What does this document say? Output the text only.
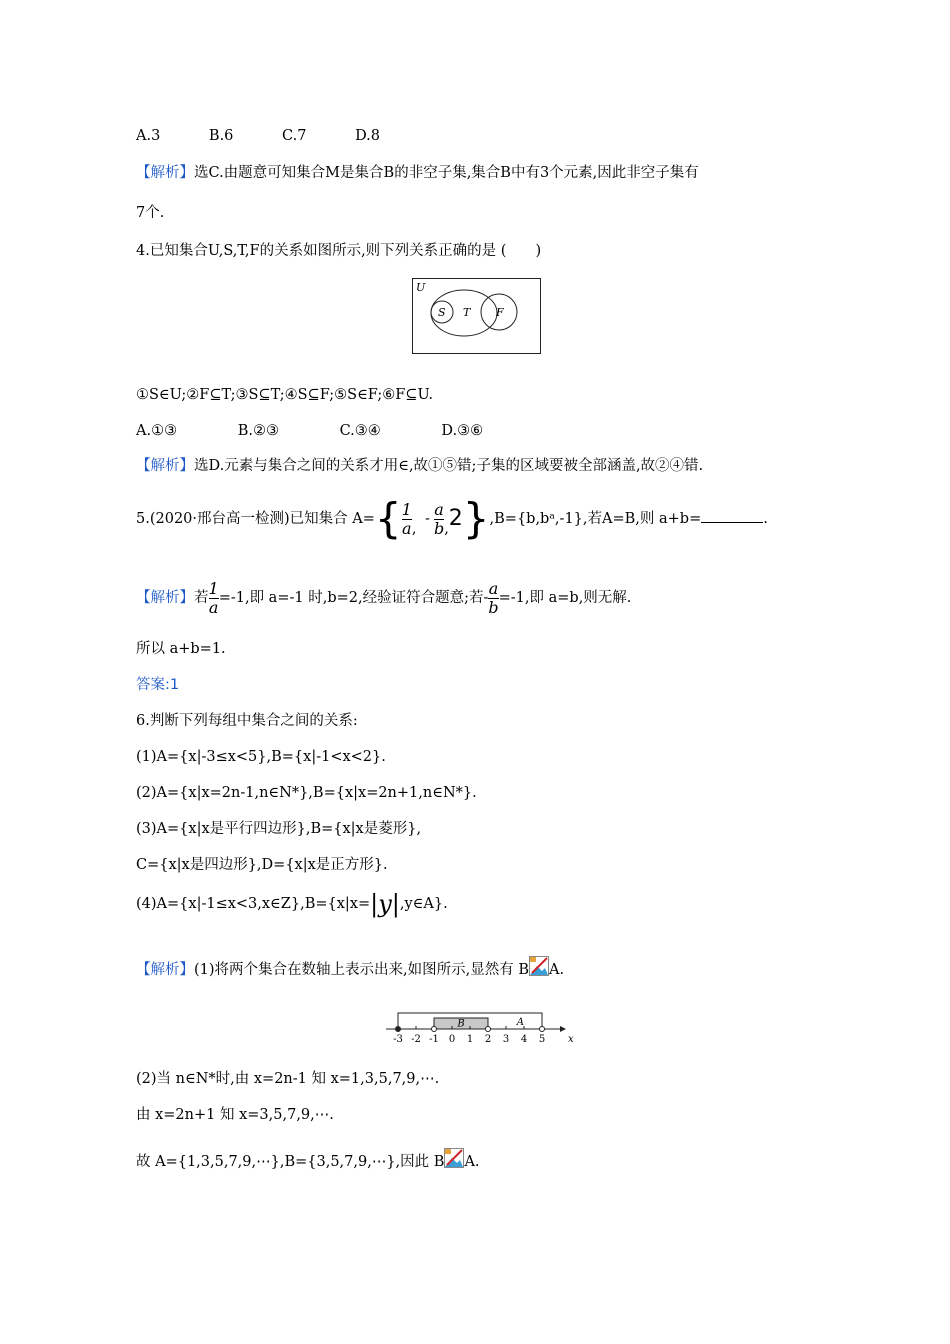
A.3	B.6	C.7	D.8
【解析】选C.由题意可知集合M是集合B的非空子集,集合B中有3个元素,因此非空子集有
7个.
4.已知集合U,S,T,F的关系如图所示,则下列关系正确的是 (　　)
U
S T F
①S∈U;②F⊆T;③S⊆T;④S⊆F;⑤S∈F;⑥F⊆U.
A.①③	B.②③	C.③④	D.③⑥
【解析】选D.元素与集合之间的关系才用∈,故①⑤错;子集的区域要被全部涵盖,故②④错.
5.(2020·邢台高一检测)已知集合 $A=\{ \frac{1}{a}$ , - $\frac{a}{b}$ ,2},B={b,bᵃ,-1},若A=B,则 a+b=	.
【解析】若 $\frac{1}{a} =-1$,即 a=-1 时,b=2,经验证符合题意;若- $\frac{a}{b} =-1$,即 a=b,则无解.
所以 a+b=1.
答案:1
6.判断下列每组中集合之间的关系:
(1)A={x|-3≤x<5},B={x|-1<x<2}.
(2)A={x|x=2n-1,n∈N*},B={x|x=2n+1,n∈N*}.
(3)A={x|x是平行四边形},B={x|x是菱形},
C={x|x是四边形},D={x|x是正方形}.
(4)A={x|-1≤x<3,x∈Z},B={x|x=|y|,y∈A}.
【解析】(1)将两个集合在数轴上表示出来,如图所示,显然有 B A.
-3 -2 -1 0 1 2 3 4 5
B	A
x
(2)当 n∈N*时,由 x=2n-1 知 x=1,3,5,7,9,⋯.
由 x=2n+1 知 x=3,5,7,9,⋯.
故 A={1,3,5,7,9,⋯},B={3,5,7,9,⋯},因此 B A.
